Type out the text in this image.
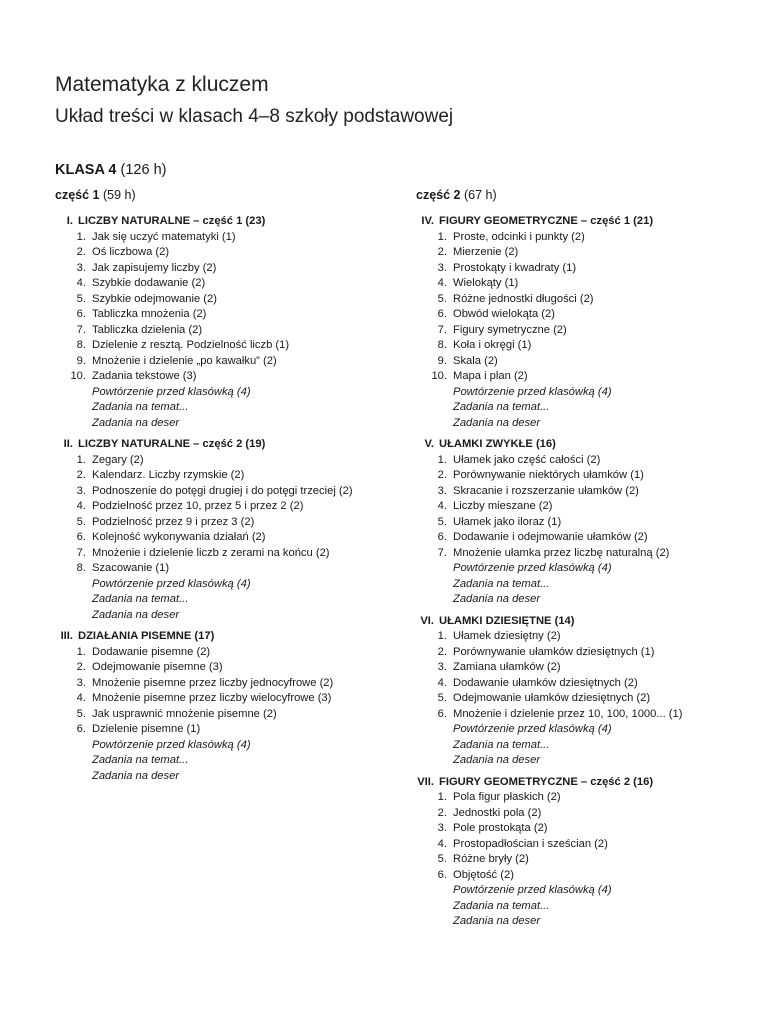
Matematyka z kluczem
Układ treści w klasach 4–8 szkoły podstawowej
KLASA 4 (126 h)
część 1 (59 h)
I. LICZBY NATURALNE – część 1 (23)
1. Jak się uczyć matematyki (1)
2. Oś liczbowa (2)
3. Jak zapisujemy liczby (2)
4. Szybkie dodawanie (2)
5. Szybkie odejmowanie (2)
6. Tabliczka mnożenia (2)
7. Tabliczka dzielenia (2)
8. Dzielenie z resztą. Podzielność liczb (1)
9. Mnożenie i dzielenie „po kawałku” (2)
10. Zadania tekstowe (3)
Powtórzenie przed klasówką (4)
Zadania na temat...
Zadania na deser
II. LICZBY NATURALNE – część 2 (19)
1. Zegary (2)
2. Kalendarz. Liczby rzymskie (2)
3. Podnoszenie do potęgi drugiej i do potęgi trzeciej (2)
4. Podzielność przez 10, przez 5 i przez 2 (2)
5. Podzielność przez 9 i przez 3 (2)
6. Kolejność wykonywania działań (2)
7. Mnożenie i dzielenie liczb z zerami na końcu (2)
8. Szacowanie (1)
Powtórzenie przed klasówką (4)
Zadania na temat...
Zadania na deser
III. DZIAŁANIA PISEMNE (17)
1. Dodawanie pisemne (2)
2. Odejmowanie pisemne (3)
3. Mnożenie pisemne przez liczby jednocyfrowe (2)
4. Mnożenie pisemne przez liczby wielocyfrowe (3)
5. Jak usprawnić mnożenie pisemne (2)
6. Dzielenie pisemne (1)
Powtórzenie przed klasówką (4)
Zadania na temat...
Zadania na deser
część 2 (67 h)
IV. FIGURY GEOMETRYCZNE – część 1 (21)
1. Proste, odcinki i punkty (2)
2. Mierzenie (2)
3. Prostokąty i kwadraty (1)
4. Wielokąty (1)
5. Różne jednostki długości (2)
6. Obwód wielokąta (2)
7. Figury symetryczne (2)
8. Koła i okręgi (1)
9. Skala (2)
10. Mapa i plan (2)
Powtórzenie przed klasówką (4)
Zadania na temat...
Zadania na deser
V. UŁAMKI ZWYKŁE (16)
1. Ułamek jako część całości (2)
2. Porównywanie niektórych ułamków (1)
3. Skracanie i rozszerzanie ułamków (2)
4. Liczby mieszane (2)
5. Ułamek jako iloraz (1)
6. Dodawanie i odejmowanie ułamków (2)
7. Mnożenie ułamka przez liczbę naturalną (2)
Powtórzenie przed klasówką (4)
Zadania na temat...
Zadania na deser
VI. UŁAMKI DZIESIĘTNE (14)
1. Ułamek dziesiętny (2)
2. Porównywanie ułamków dziesiętnych (1)
3. Zamiana ułamków (2)
4. Dodawanie ułamków dziesiętnych (2)
5. Odejmowanie ułamków dziesiętnych (2)
6. Mnożenie i dzielenie przez 10, 100, 1000... (1)
Powtórzenie przed klasówką (4)
Zadania na temat...
Zadania na deser
VII. FIGURY GEOMETRYCZNE – część 2 (16)
1. Pola figur płaskich (2)
2. Jednostki pola (2)
3. Pole prostokąta (2)
4. Prostopadłościan i sześcian (2)
5. Różne bryły (2)
6. Objętość (2)
Powtórzenie przed klasówką (4)
Zadania na temat...
Zadania na deser
